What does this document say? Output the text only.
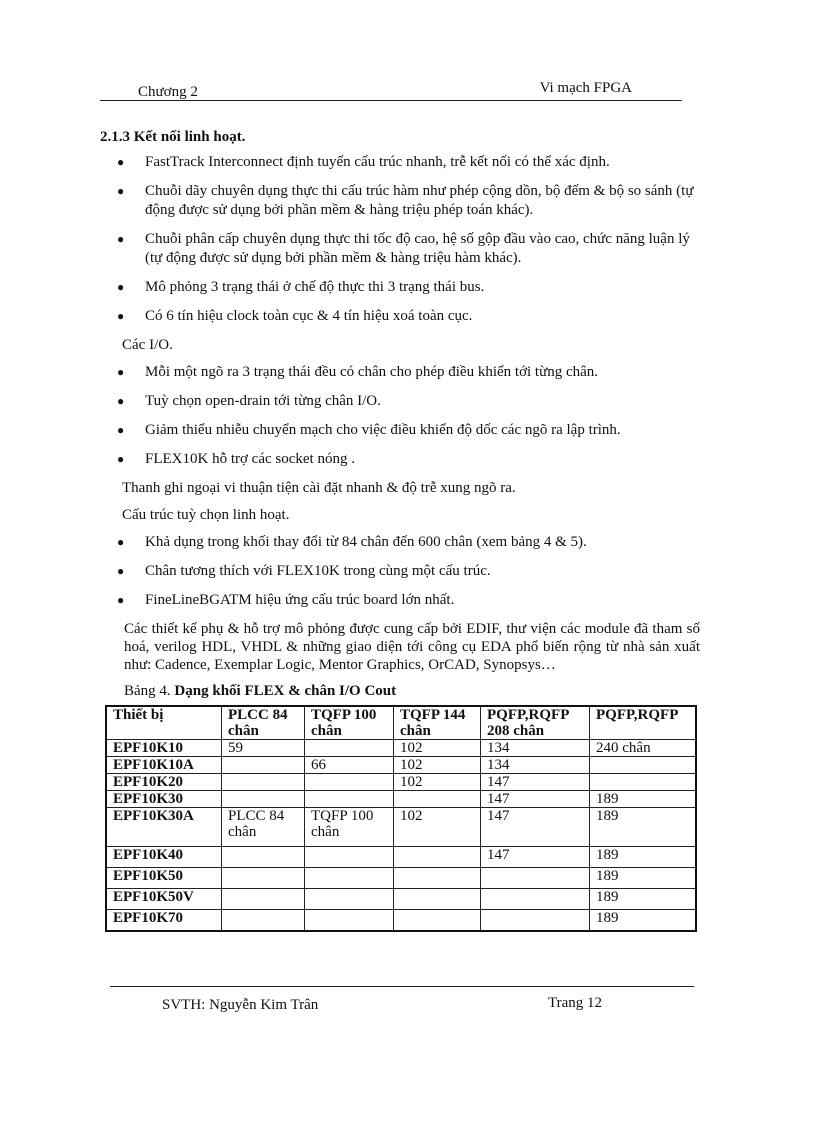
Chương 2	Vi mạch FPGA
2.1.3 Kết nối linh hoạt.
● FastTrack Interconnect định tuyến cấu trúc nhanh, trễ kết nối có thể xác định.
● Chuỗi dãy chuyên dụng thực thi cấu trúc hàm như phép cộng dồn, bộ đếm & bộ so sánh (tự động được sử dụng bởi phần mềm & hàng triệu phép toán khác).
● Chuỗi phân cấp chuyên dụng thực thi tốc độ cao, hệ số gộp đầu vào cao, chức năng luận lý (tự động được sử dụng bởi phần mềm & hàng triệu hàm khác).
● Mô phỏng 3 trạng thái ở chế độ thực thi 3 trạng thái bus.
● Có 6 tín hiệu clock toàn cục & 4 tín hiệu xoá toàn cục.
Các I/O.
● Mỗi một ngõ ra 3 trạng thái đều có chân cho phép điều khiển tới từng chân.
● Tuỳ chọn open-drain tới từng chân I/O.
● Giảm thiểu nhiễu chuyển mạch cho việc điều khiển độ dốc các ngõ ra lập trình.
● FLEX10K hỗ trợ các socket nóng .
Thanh ghi ngoại vi thuận tiện cài đặt nhanh & độ trễ xung ngõ ra.
Cấu trúc tuỳ chọn linh hoạt.
● Khả dụng trong khối thay đổi từ 84 chân đến 600 chân (xem bảng 4 & 5).
● Chân tương thích với FLEX10K trong cùng một cấu trúc.
● FineLineBGATM hiệu ứng cấu trúc board lớn nhất.
Các thiết kế phụ & hỗ trợ mô phỏng được cung cấp bởi EDIF, thư viện các module đã tham số hoá, verilog HDL, VHDL & những giao diện tới công cụ EDA phổ biến rộng từ nhà sản xuất như: Cadence, Exemplar Logic, Mentor Graphics, OrCAD, Synopsys…
Bảng 4. Dạng khối FLEX & chân I/O Cout
Thiết bị	PLCC 84 chân	TQFP 100 chân	TQFP 144 chân	PQFP,RQFP 208 chân	PQFP,RQFP
EPF10K10	59		102	134	240 chân
EPF10K10A		66	102	134	
EPF10K20			102	147	
EPF10K30				147	189
EPF10K30A	PLCC 84 chân	TQFP 100 chân	102	147	189
EPF10K40				147	189
EPF10K50					189
EPF10K50V					189
EPF10K70					189
SVTH: Nguyễn Kim Trân	Trang 12
